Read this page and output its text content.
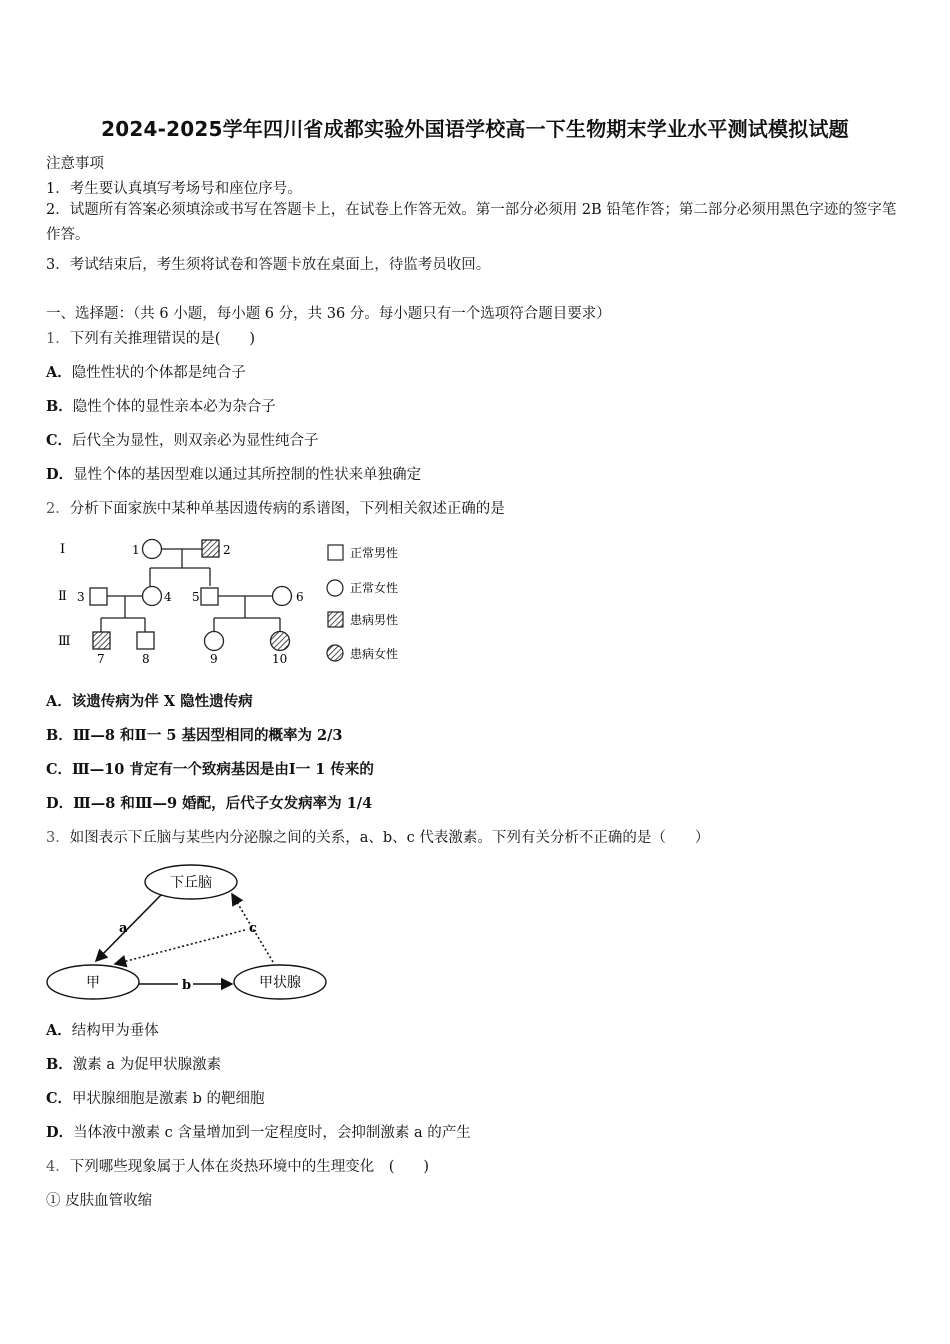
2024-2025学年四川省成都实验外国语学校高一下生物期末学业水平测试模拟试题
注意事项
1．考生要认真填写考场号和座位序号。
2．试题所有答案必须填涂或书写在答题卡上，在试卷上作答无效。第一部分必须用 2B 铅笔作答；第二部分必须用黑色字迹的签字笔作答。
3．考试结束后，考生须将试卷和答题卡放在桌面上，待监考员收回。
一、选择题：（共 6 小题，每小题 6 分，共 36 分。每小题只有一个选项符合题目要求）
1．下列有关推理错误的是(　　)
A．隐性性状的个体都是纯合子
B．隐性个体的显性亲本必为杂合子
C．后代全为显性，则双亲必为显性纯合子
D．显性个体的基因型难以通过其所控制的性状来单独确定
2．分析下面家族中某种单基因遗传病的系谱图，下列相关叙述正确的是
Ⅰ
Ⅱ
Ⅲ
1	2
3	4 5	6
7	8	9	10
正常男性
正常女性
患病男性
患病女性
A．该遗传病为伴 X 隐性遗传病
B．Ⅲ—8 和Ⅱ一 5 基因型相同的概率为 2/3
C．Ⅲ—10 肯定有一个致病基因是由Ⅰ一 1 传来的
D．Ⅲ—8 和Ⅲ—9 婚配，后代子女发病率为 1/4
3．如图表示下丘脑与某些内分泌腺之间的关系，a、b、c 代表激素。下列有关分析不正确的是（　　）
下丘脑
甲	甲状腺
a
b
c
A．结构甲为垂体
B．激素 a 为促甲状腺激素
C．甲状腺细胞是激素 b 的靶细胞
D．当体液中激素 c 含量增加到一定程度时，会抑制激素 a 的产生
4．下列哪些现象属于人体在炎热环境中的生理变化　(　　)
① 皮肤血管收缩
